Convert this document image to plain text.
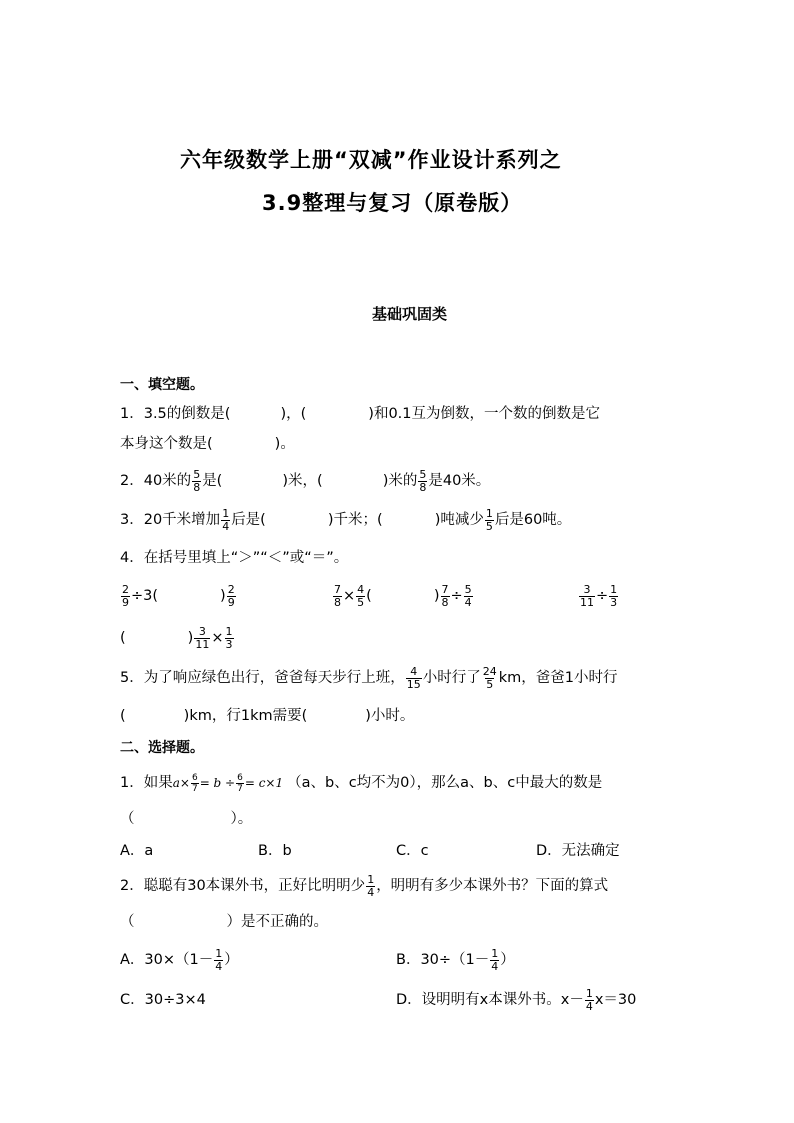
六年级数学上册“双减”作业设计系列之
3.9整理与复习（原卷版）
基础巩固类
一、填空题。
1．3.5的倒数是(	)，(	)和0.1互为倒数，一个数的倒数是它
本身这个数是(	)。
2．40米的 $\frac{5}{8}$ 是(	)米，(	)米的 $\frac{5}{8}$ 是40米。
3．20千米增加 $\frac{1}{4}$ 后是(	)千米；(	)吨减少 $\frac{1}{5}$ 后是60吨。
4．在括号里填上“＞”“＜”或“＝”。
$\frac{2}{9} \div 3$(	) $\frac{2}{9}$	$\frac{7}{8} \times \frac{4}{5}$ (	) $\frac{7}{8} \div \frac{5}{4}$	$\frac{3}{11} \div \frac{1}{3}$
(	) $\frac{3}{11} \times \frac{1}{3}$
5．为了响应绿色出行，爸爸每天步行上班， $\frac{4}{15}$ 小时行了 $\frac{24}{5}$ km，爸爸1小时行
(	)km，行1km需要(	)小时。
二、选择题。
1．如果 $a\times \frac{6}{7} = b \div \frac{6}{7} = c\times 1$ （a、b、c均不为0），那么a、b、c中最大的数是
（	）。
A．a	B．b	C．c	D．无法确定
2．聪聪有30本课外书，正好比明明少 $\frac{1}{4}$ ，明明有多少本课外书？下面的算式
（	）是不正确的。
A．$30\times(1- \frac{1}{4}$ ）	B．$30\div(1- \frac{1}{4}$ ）
C．30÷3×4	D．设明明有x本课外书。$x- \frac{1}{4} x=30$
